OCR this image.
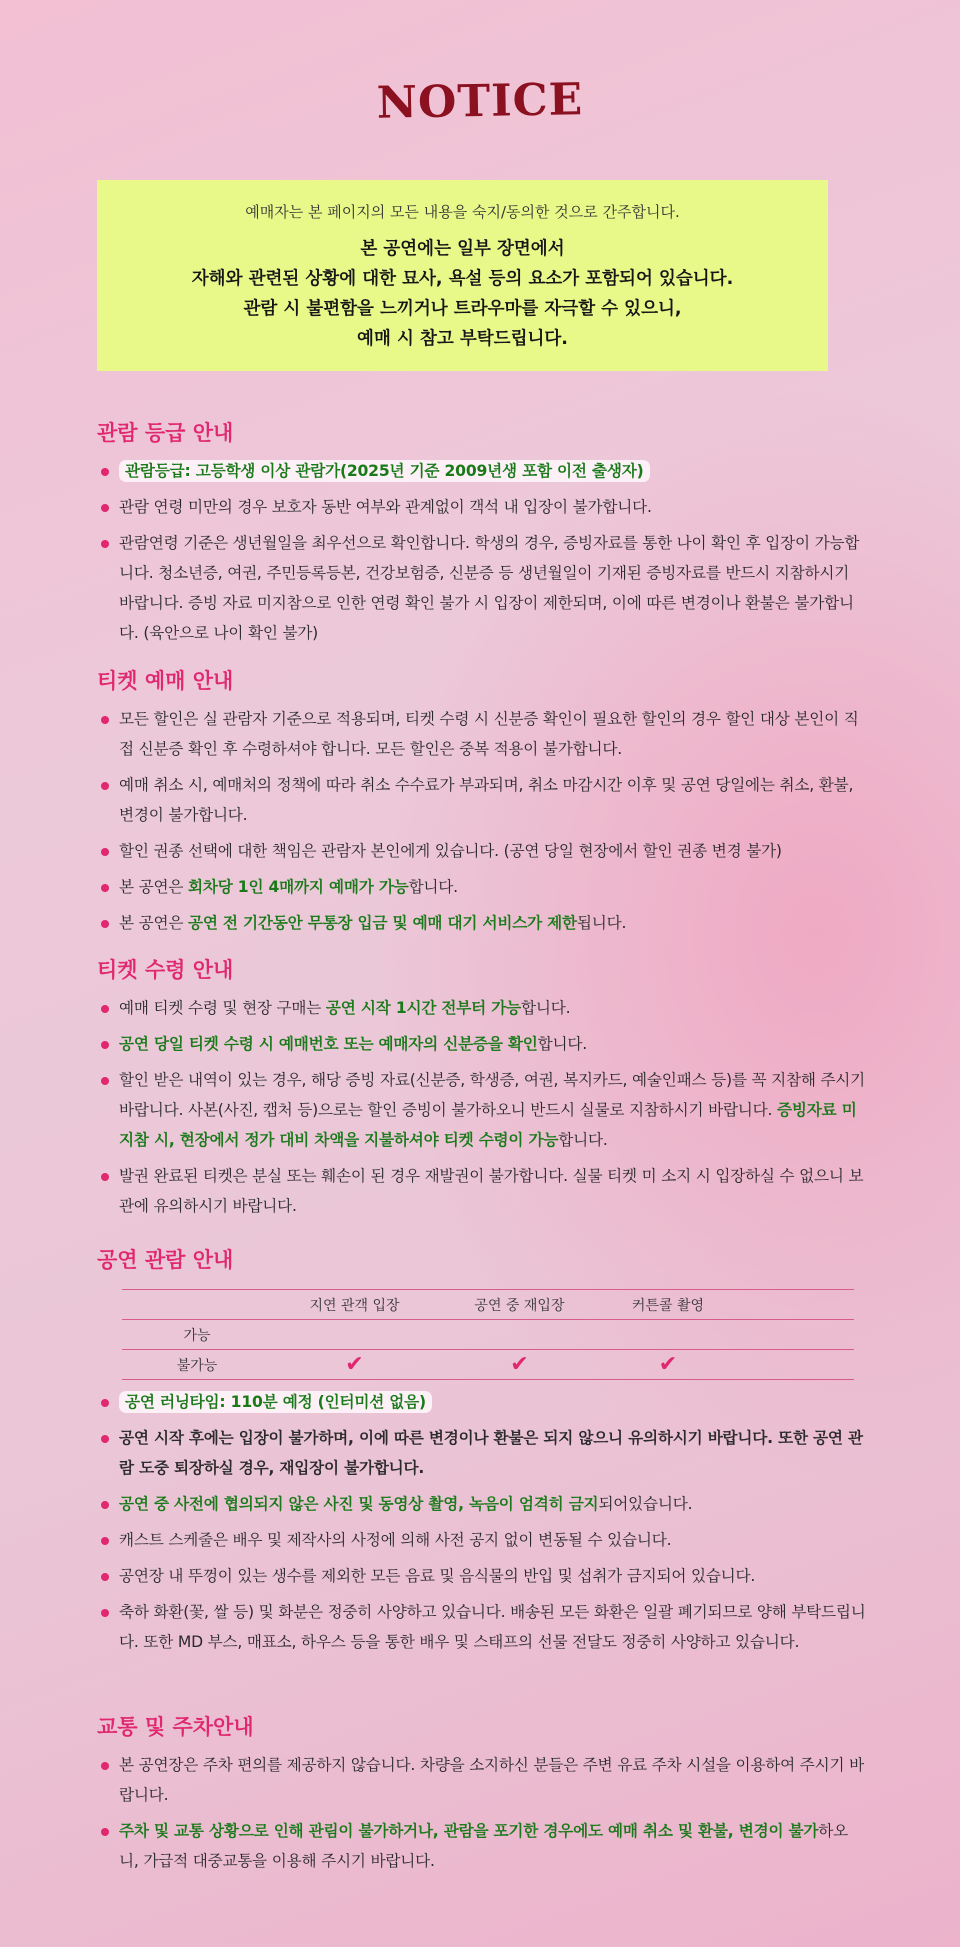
NOTICE
예매자는 본 페이지의 모든 내용을 숙지/동의한 것으로 간주합니다.
본 공연에는 일부 장면에서
자해와 관련된 상황에 대한 묘사, 욕설 등의 요소가 포함되어 있습니다.
관람 시 불편함을 느끼거나 트라우마를 자극할 수 있으니,
예매 시 참고 부탁드립니다.
관람 등급 안내
관람등급: 고등학생 이상 관람가(2025년 기준 2009년생 포함 이전 출생자)
관람 연령 미만의 경우 보호자 동반 여부와 관계없이 객석 내 입장이 불가합니다.
관람연령 기준은 생년월일을 최우선으로 확인합니다. 학생의 경우, 증빙자료를 통한 나이 확인 후 입장이 가능합니다. 청소년증, 여권, 주민등록등본, 건강보험증, 신분증 등 생년월일이 기재된 증빙자료를 반드시 지참하시기 바랍니다. 증빙 자료 미지참으로 인한 연령 확인 불가 시 입장이 제한되며, 이에 따른 변경이나 환불은 불가합니다. (육안으로 나이 확인 불가)
티켓 예매 안내
모든 할인은 실 관람자 기준으로 적용되며, 티켓 수령 시 신분증 확인이 필요한 할인의 경우 할인 대상 본인이 직접 신분증 확인 후 수령하셔야 합니다. 모든 할인은 중복 적용이 불가합니다.
예매 취소 시, 예매처의 정책에 따라 취소 수수료가 부과되며, 취소 마감시간 이후 및 공연 당일에는 취소, 환불, 변경이 불가합니다.
할인 권종 선택에 대한 책임은 관람자 본인에게 있습니다. (공연 당일 현장에서 할인 권종 변경 불가)
본 공연은 회차당 1인 4매까지 예매가 가능합니다.
본 공연은 공연 전 기간동안 무통장 입금 및 예매 대기 서비스가 제한됩니다.
티켓 수령 안내
예매 티켓 수령 및 현장 구매는 공연 시작 1시간 전부터 가능합니다.
공연 당일 티켓 수령 시 예매번호 또는 예매자의 신분증을 확인합니다.
할인 받은 내역이 있는 경우, 해당 증빙 자료(신분증, 학생증, 여권, 복지카드, 예술인패스 등)를 꼭 지참해 주시기 바랍니다. 사본(사진, 캡처 등)으로는 할인 증빙이 불가하오니 반드시 실물로 지참하시기 바랍니다. 증빙자료 미지참 시, 현장에서 정가 대비 차액을 지불하셔야 티켓 수령이 가능합니다.
발권 완료된 티켓은 분실 또는 훼손이 된 경우 재발권이 불가합니다. 실물 티켓 미 소지 시 입장하실 수 없으니 보관에 유의하시기 바랍니다.
공연 관람 안내
	지연 관객 입장	공연 중 재입장	커튼콜 촬영	
가능				
불가능	✔	✔	✔	
공연 러닝타임: 110분 예정 (인터미션 없음)
공연 시작 후에는 입장이 불가하며, 이에 따른 변경이나 환불은 되지 않으니 유의하시기 바랍니다. 또한 공연 관람 도중 퇴장하실 경우, 재입장이 불가합니다.
공연 중 사전에 협의되지 않은 사진 및 동영상 촬영, 녹음이 엄격히 금지되어있습니다.
캐스트 스케줄은 배우 및 제작사의 사정에 의해 사전 공지 없이 변동될 수 있습니다.
공연장 내 뚜껑이 있는 생수를 제외한 모든 음료 및 음식물의 반입 및 섭취가 금지되어 있습니다.
축하 화환(꽃, 쌀 등) 및 화분은 정중히 사양하고 있습니다. 배송된 모든 화환은 일괄 폐기되므로 양해 부탁드립니다. 또한 MD 부스, 매표소, 하우스 등을 통한 배우 및 스태프의 선물 전달도 정중히 사양하고 있습니다.
교통 및 주차안내
본 공연장은 주차 편의를 제공하지 않습니다. 차량을 소지하신 분들은 주변 유료 주차 시설을 이용하여 주시기 바랍니다.
주차 및 교통 상황으로 인해 관림이 불가하거나, 관람을 포기한 경우에도 예매 취소 및 환불, 변경이 불가하오니, 가급적 대중교통을 이용해 주시기 바랍니다.
